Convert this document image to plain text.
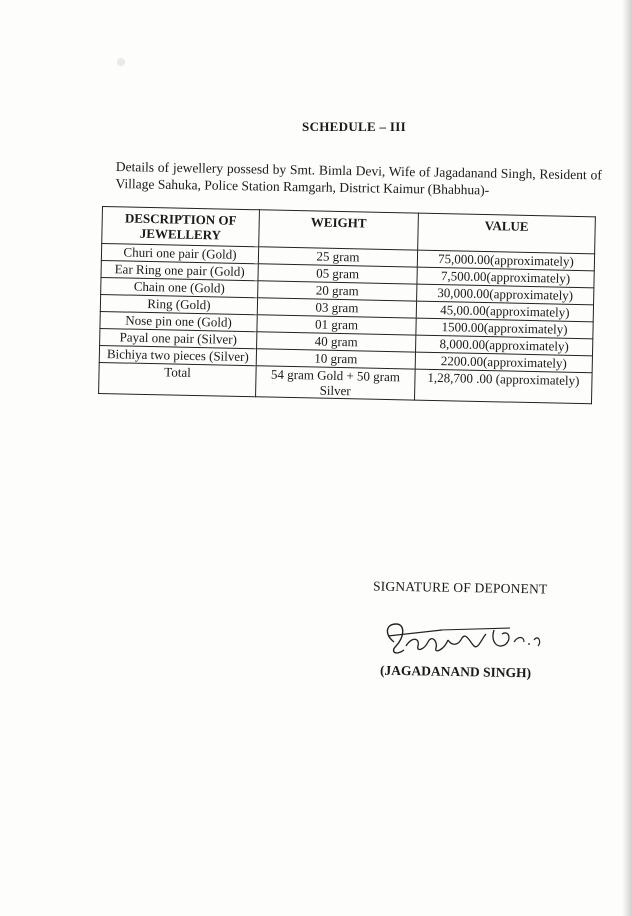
SCHEDULE – III
Details of jewellery possesd by Smt. Bimla Devi, Wife of Jagadanand Singh, Resident of Village Sahuka, Police Station Ramgarh, District Kaimur (Bhabhua)-
DESCRIPTION OF JEWELLERY	WEIGHT	VALUE
Churi one pair (Gold)	25 gram	75,000.00(approximately)
Ear Ring one pair (Gold)	05 gram	7,500.00(approximately)
Chain one (Gold)	20 gram	30,000.00(approximately)
Ring (Gold)	03 gram	45,00.00(approximately)
Nose pin one (Gold)	01 gram	1500.00(approximately)
Payal one pair (Silver)	40 gram	8,000.00(approximately)
Bichiya two pieces (Silver)	10 gram	2200.00(approximately)
Total	54 gram Gold + 50 gram Silver	1,28,700 .00 (approximately)
SIGNATURE OF DEPONENT
(JAGADANAND SINGH)
